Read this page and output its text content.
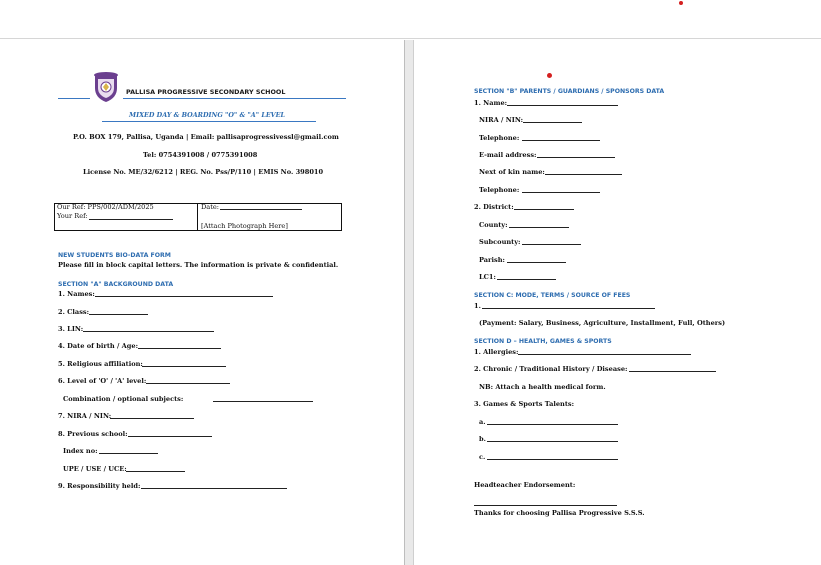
PALLISA PROGRESSIVE SECONDARY SCHOOL
MIXED DAY & BOARDING "O" & "A" LEVEL
P.O. BOX 179, Pallisa, Uganda | Email: pallisaprogressivessl@gmail.com
Tel: 0754391008 / 0775391008
License No. ME/32/6212 | REG. No. Pss/P/110 | EMIS No. 398010
Our Ref: PPS/002/ADM/2025
Your Ref:
Date:
[Attach Photograph Here]
NEW STUDENTS BIO-DATA FORM
Please fill in block capital letters. The information is private & confidential.
SECTION "A" BACKGROUND DATA
1. Names:
2. Class:
3. LIN:
4. Date of birth / Age:
5. Religious affiliation:
6. Level of 'O' / 'A' level:
Combination / optional subjects:
7. NIRA / NIN:
8. Previous school:
Index no:
UPE / USE / UCE:
9. Responsibility held:
SECTION "B" PARENTS / GUARDIANS / SPONSORS DATA
1. Name:
NIRA / NIN:
Telephone:
E-mail address:
Next of kin name:
Telephone:
2. District:
County:
Subcounty:
Parish:
LC1:
SECTION C: MODE, TERMS / SOURCE OF FEES
1.
(Payment: Salary, Business, Agriculture, Installment, Full, Others)
SECTION D – HEALTH, GAMES & SPORTS
1. Allergies:
2. Chronic / Traditional History / Disease:
NB: Attach a health medical form.
3. Games & Sports Talents:
a.
b.
c.
Headteacher Endorsement:
Thanks for choosing Pallisa Progressive S.S.S.
